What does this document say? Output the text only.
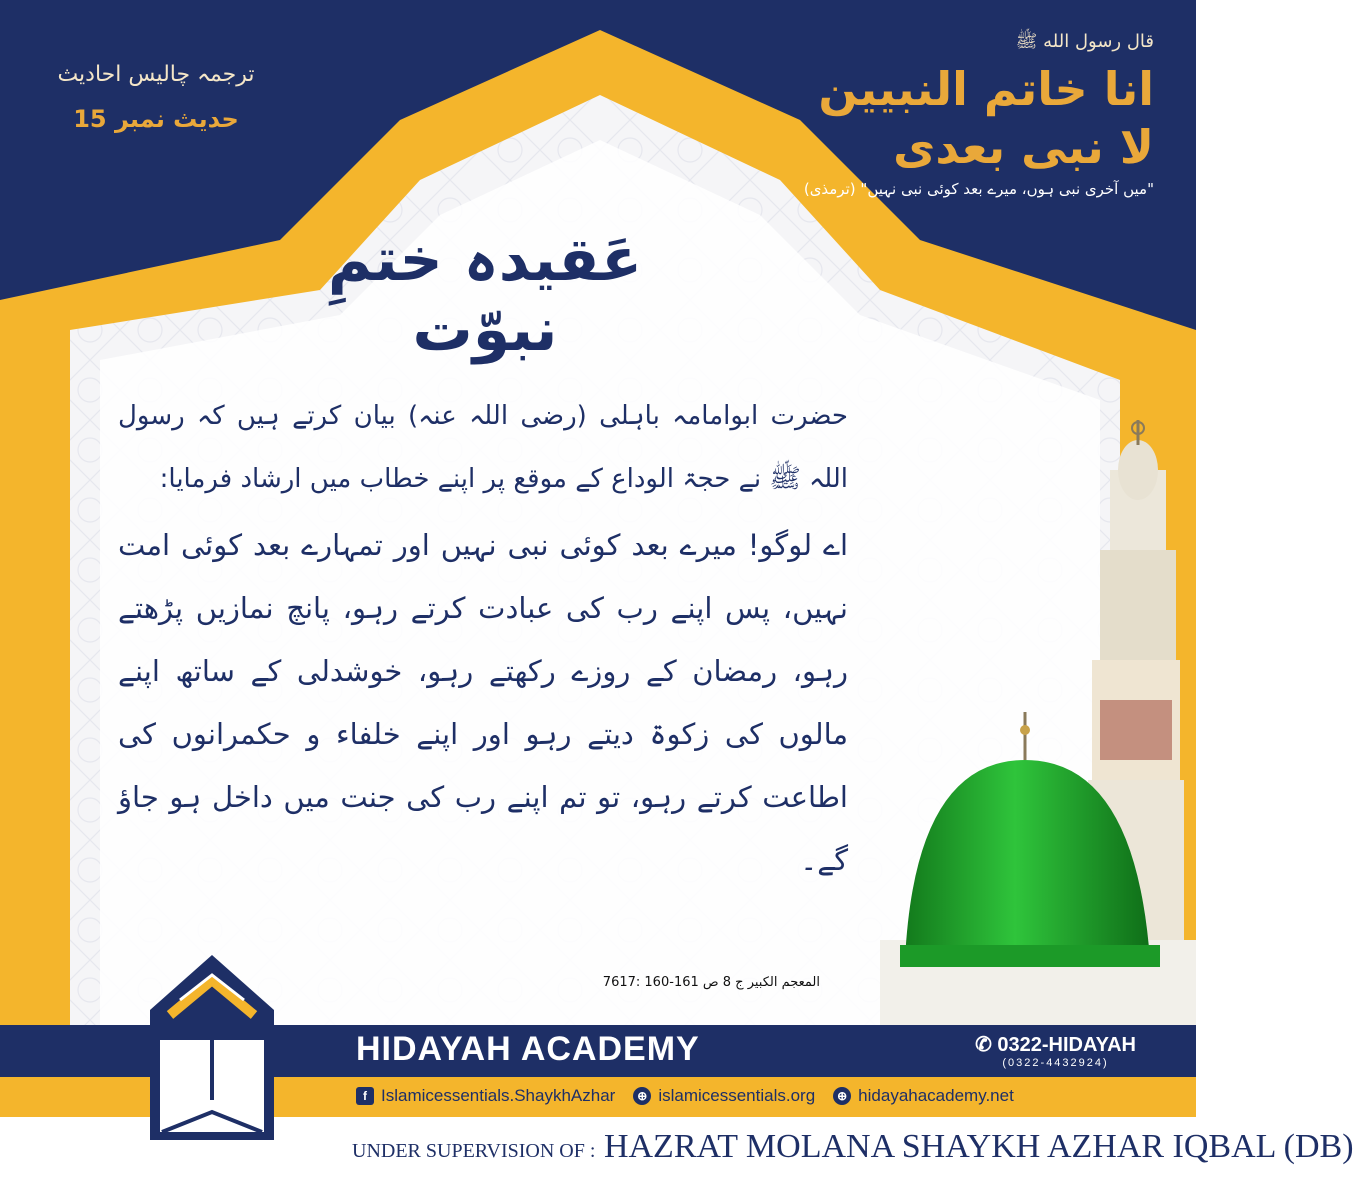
قال رسول الله ﷺ
انا خاتم النبیین لا نبی بعدی
"میں آخری نبی ہوں، میرے بعد کوئی نبی نہیں" (ترمذی)
ترجمہ چالیس احادیث
حدیث نمبر 15
عَقیدہ ختمِ نبوّت

حضرت ابوامامہ باہلی (رضی اللہ عنہ) بیان کرتے ہیں کہ رسول اللہ ﷺ نے حجۃ الوداع کے موقع پر اپنے خطاب میں ارشاد فرمایا:

اے لوگو! میرے بعد کوئی نبی نہیں اور تمہارے بعد کوئی امت نہیں، پس اپنے رب کی عبادت کرتے رہو، پانچ نمازیں پڑھتے رہو، رمضان کے روزے رکھتے رہو، خوشدلی کے ساتھ اپنے مالوں کی زکوۃ دیتے رہو اور اپنے خلفاء و حکمرانوں کی اطاعت کرتے رہو، تو تم اپنے رب کی جنت میں داخل ہو جاؤ گے۔

المعجم الکبیر ج 8 ص 161-160 :7617
HIDAYAH ACADEMY	✆ 0322-HIDAYAH
(0322-4432924)
f Islamicessentials.ShaykhAzhar	⊕ islamicessentials.org	⊕ hidayahacademy.net
UNDER SUPERVISION OF : HAZRAT MOLANA SHAYKH AZHAR IQBAL (DB)
